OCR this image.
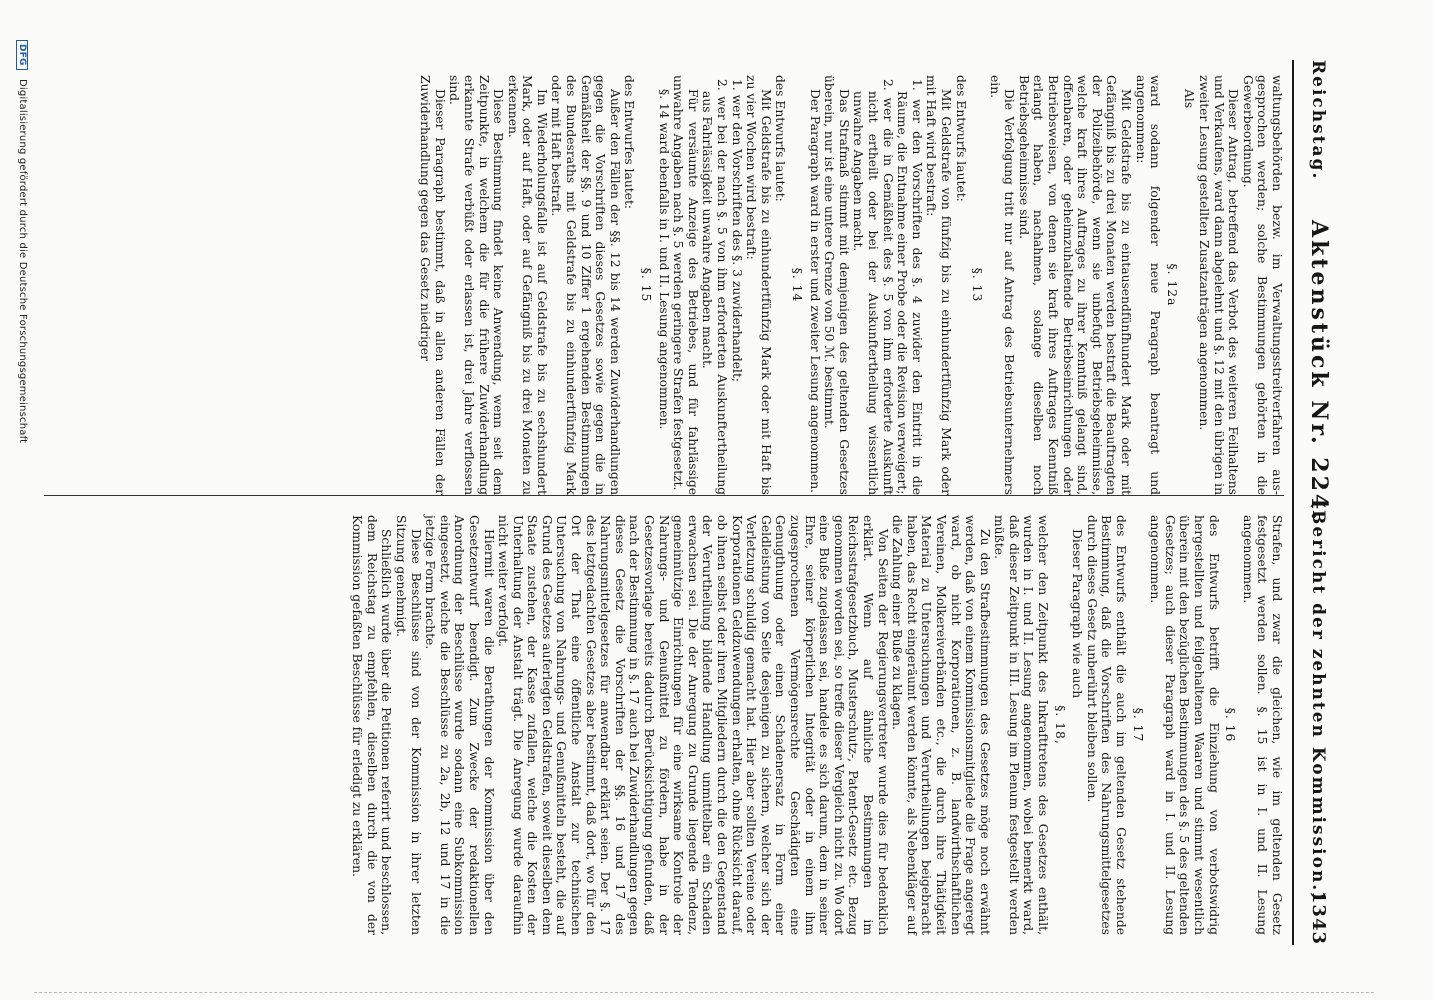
Reichstag.
Aktenstück Nr. 224.
(Bericht der zehnten Kommission.)
1343

waltungsbehörden bezw. im Verwaltungsstreitverfahren aus-gesprochen werden; solche Bestimmungen gehörten in die Gewerbeordnung.

Dieser Antrag, betreffend das Verbot des weiteren Feilhaltens und Verkaufens, ward dann abgelehnt und §. 12 mit den übrigen in zweiter Lesung gestellten Zusatzanträgen angenommen.

Als

§. 12a

ward sodann folgender neue Paragraph beantragt und angenommen:

Mit Geldstrafe bis zu eintausendfünfhundert Mark oder mit Gefängniß bis zu drei Monaten werden bestraft die Beauftragten der Polizeibehörde, wenn sie unbefugt Betriebsgeheimnisse, welche kraft ihres Auftrages zu ihrer Kenntniß gelangt sind, offenbaren, oder geheimzuhaltende Betriebseinrichtungen oder Betriebsweisen, von denen sie kraft ihres Auftrages Kenntniß erlangt haben, nachahmen, solange dieselben noch Betriebsgeheimnisse sind.

Die Verfolgung tritt nur auf Antrag des Betriebsunternehmers ein.

§. 13

des Entwurfs lautet:

Mit Geldstrafe von fünfzig bis zu einhundertfünfzig Mark oder mit Haft wird bestraft:

1. wer den Vorschriften des §. 4 zuwider den Eintritt in die Räume, die Entnahme einer Probe oder die Revision verweigert;

2. wer die in Gemäßheit des §. 5 von ihm erforderte Auskunft nicht ertheilt oder bei der Auskunftertheilung wissentlich unwahre Angaben macht.

Das Strafmaß stimmt mit demjenigen des geltenden Gesetzes überein, nur ist eine untere Grenze von 50 ℳ. bestimmt.

Der Paragraph ward in erster und zweiter Lesung angenommen.

§. 14

des Entwurfs lautet:

Mit Geldstrafe bis zu einhundertfünfzig Mark oder mit Haft bis zu vier Wochen wird bestraft:

1. wer den Vorschriften des §. 3 zuwiderhandelt;

2. wer bei der nach §. 5 von ihm erforderten Auskunftertheilung aus Fahrlässigkeit unwahre Angaben macht.

Für versäumte Anzeige des Betriebes, und für fahrlässige unwahre Angaben nach §. 5 werden geringere Strafen festgesetzt.

§. 14 ward ebenfalls in I. und II. Lesung angenommen.

§. 15

des Entwurfes lautet:

Außer den Fällen der §§. 12 bis 14 werden Zuwiderhandlungen gegen die Vorschriften dieses Gesetzes sowie gegen die in Gemäßheit der §§. 9 und 10 Ziffer 1 ergehenden Bestimmungen des Bundesraths mit Geldstrafe bis zu einhundertfünfzig Mark oder mit Haft bestraft.

Im Wiederholungsfalle ist auf Geldstrafe bis zu sechshundert Mark, oder auf Haft, oder auf Gefängniß bis zu drei Monaten zu erkennen.

Diese Bestimmung findet keine Anwendung, wenn seit dem Zeitpunkte, in welchem die für die frühere Zuwiderhandlung erkannte Strafe verbüßt oder erlassen ist, drei Jahre verflossen sind.

Dieser Paragraph bestimmt, daß in allen anderen Fällen der Zuwiderhandlung gegen das Gesetz niedriger

Strafen, und zwar die gleichen, wie im geltenden Gesetz festgesetzt werden sollen. §. 15 ist in I. und II. Lesung angenommen.

§. 16

des Entwurfs betrifft die Einziehung von verbotswidrig hergestellten und feilgehaltenen Waaren und stimmt wesentlich überein mit den bezüglichen Bestimmungen des §. 5 des geltenden Gesetzes; auch dieser Paragraph ward in I. und II. Lesung angenommen.

§. 17

des Entwurfs enthält die auch im geltenden Gesetz stehende Bestimmung, daß die Vorschriften des Nahrungsmittelgesetzes durch dieses Gesetz unberührt bleiben sollen.

Dieser Paragraph wie auch

§. 18,

welcher den Zeitpunkt des Inkrafttretens des Gesetzes enthält, wurden in I. und II. Lesung angenommen, wobei bemerkt ward, daß dieser Zeitpunkt in III. Lesung im Plenum festgestellt werden müßte.

Zu den Strafbestimmungen des Gesetzes möge noch erwähnt werden, daß von einem Kommissionsmitgliede die Frage angeregt ward, ob nicht Korporationen, z. B. landwirthschaftlichen Vereinen, Molkereiverbänden etc., die durch ihre Thätigkeit Material zu Untersuchungen und Verurtheilungen beigebracht haben, das Recht eingeräumt werden könnte, als Nebenkläger auf die Zahlung einer Buße zu klagen.

Von Seiten der Regierungsvertreter wurde dies für bedenklich erklärt. Wenn auf ähnliche Bestimmungen im Reichsstrafgesetzbuch, Musterschutz-, Patent-Gesetz etc. Bezug genommen worden sei, so treffe dieser Vergleich nicht zu. Wo dort eine Buße zugelassen sei, handele es sich darum, dem in seiner Ehre, seiner körperlichen Integrität oder in einem ihm zugesprochenen Vermögensrechte Geschädigten eine Genugthuung oder einen Schadenersatz in Form einer Geldleistung von Seite desjenigen zu sichern, welcher sich der Verletzung schuldig gemacht hat. Hier aber sollten Vereine oder Korporationen Geldzuwendungen erhalten, ohne Rücksicht darauf, ob ihnen selbst oder ihren Mitgliedern durch die den Gegenstand der Verurtheilung bildende Handlung unmittelbar ein Schaden erwachsen sei. Die der Anregung zu Grunde liegende Tendenz, gemeinnützige Einrichtungen für eine wirksame Kontrole der Nahrungs- und Genußmittel zu fördern, habe in der Gesetzesvorlage bereits dadurch Berücksichtigung gefunden, daß nach der Bestimmung in §. 17 auch bei Zuwiderhandlungen gegen dieses Gesetz die Vorschriften der §§. 16 und 17 des Nahrungsmittelgesetzes für anwendbar erklärt seien. Der §. 17 des letztgedachten Gesetzes aber bestimmt, daß dort, wo für den Ort der That eine öffentliche Anstalt zur technischen Untersuchung von Nahrungs- und Genußmitteln besteht, die auf Grund des Gesetzes auferlegten Geldstrafen, soweit dieselben dem Staate zustehen, der Kasse zufallen, welche die Kosten der Unterhaltung der Anstalt trägt. Die Anregung wurde daraufhin nicht weiter verfolgt.

Hiermit waren die Berathungen der Kommission über den Gesetzentwurf beendigt. Zum Zwecke der redaktionellen Anordnung der Beschlüsse wurde sodann eine Subkommission eingesetzt, welche die Beschlüsse zu 2a, 2b, 12 und 17 in die jetzige Form brachte.

Diese Beschlüsse sind von der Kommission in ihrer letzten Sitzung genehmigt.

Schließlich wurde über die Petitionen referirt und beschlossen, dem Reichstag zu empfehlen, dieselben durch die von der Kommission gefaßten Beschlüsse für erledigt zu erklären.

DFG Digitalisierung gefördert durch die Deutsche Forschungsgemeinschaft
